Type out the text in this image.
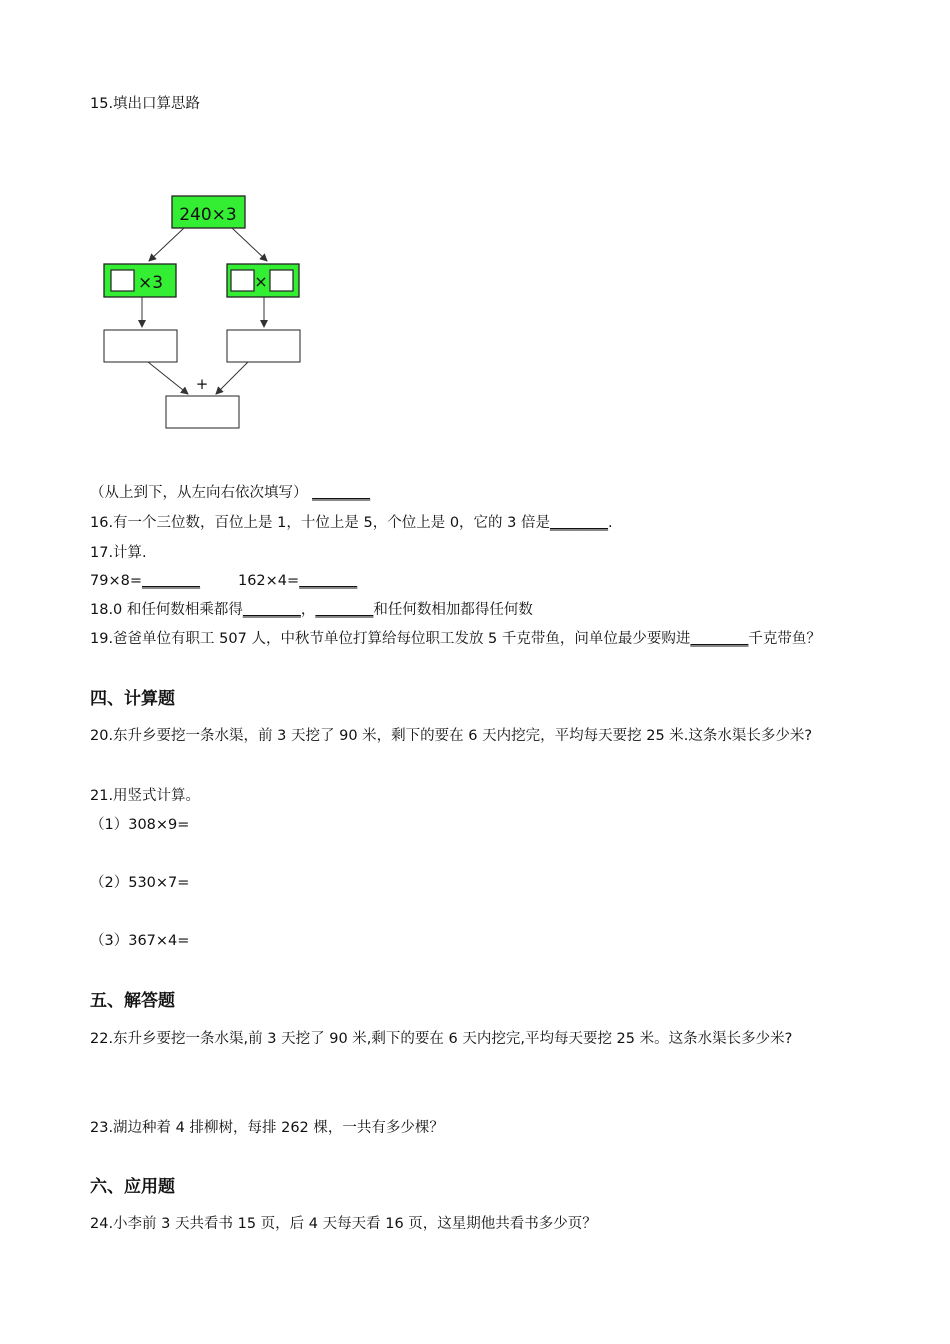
15.填出口算思路
240×3
×3	×
+
（从上到下，从左向右依次填写） ________
16.有一个三位数，百位上是 1，十位上是 5，个位上是 0，它的 3 倍是________.
17.计算.
79×8=________	162×4=________
18.0 和任何数相乘都得________，________和任何数相加都得任何数
19.爸爸单位有职工 507 人，中秋节单位打算给每位职工发放 5 千克带鱼，问单位最少要购进________千克带鱼？
四、计算题
20.东升乡要挖一条水渠，前 3 天挖了 90 米，剩下的要在 6 天内挖完，平均每天要挖 25 米.这条水渠长多少米?
21.用竖式计算。
（1）308×9=
（2）530×7=
（3）367×4=
五、解答题
22.东升乡要挖一条水渠,前 3 天挖了 90 米,剩下的要在 6 天内挖完,平均每天要挖 25 米。这条水渠长多少米?
23.湖边种着 4 排柳树，每排 262 棵，一共有多少棵？
六、应用题
24.小李前 3 天共看书 15 页，后 4 天每天看 16 页，这星期他共看书多少页？
